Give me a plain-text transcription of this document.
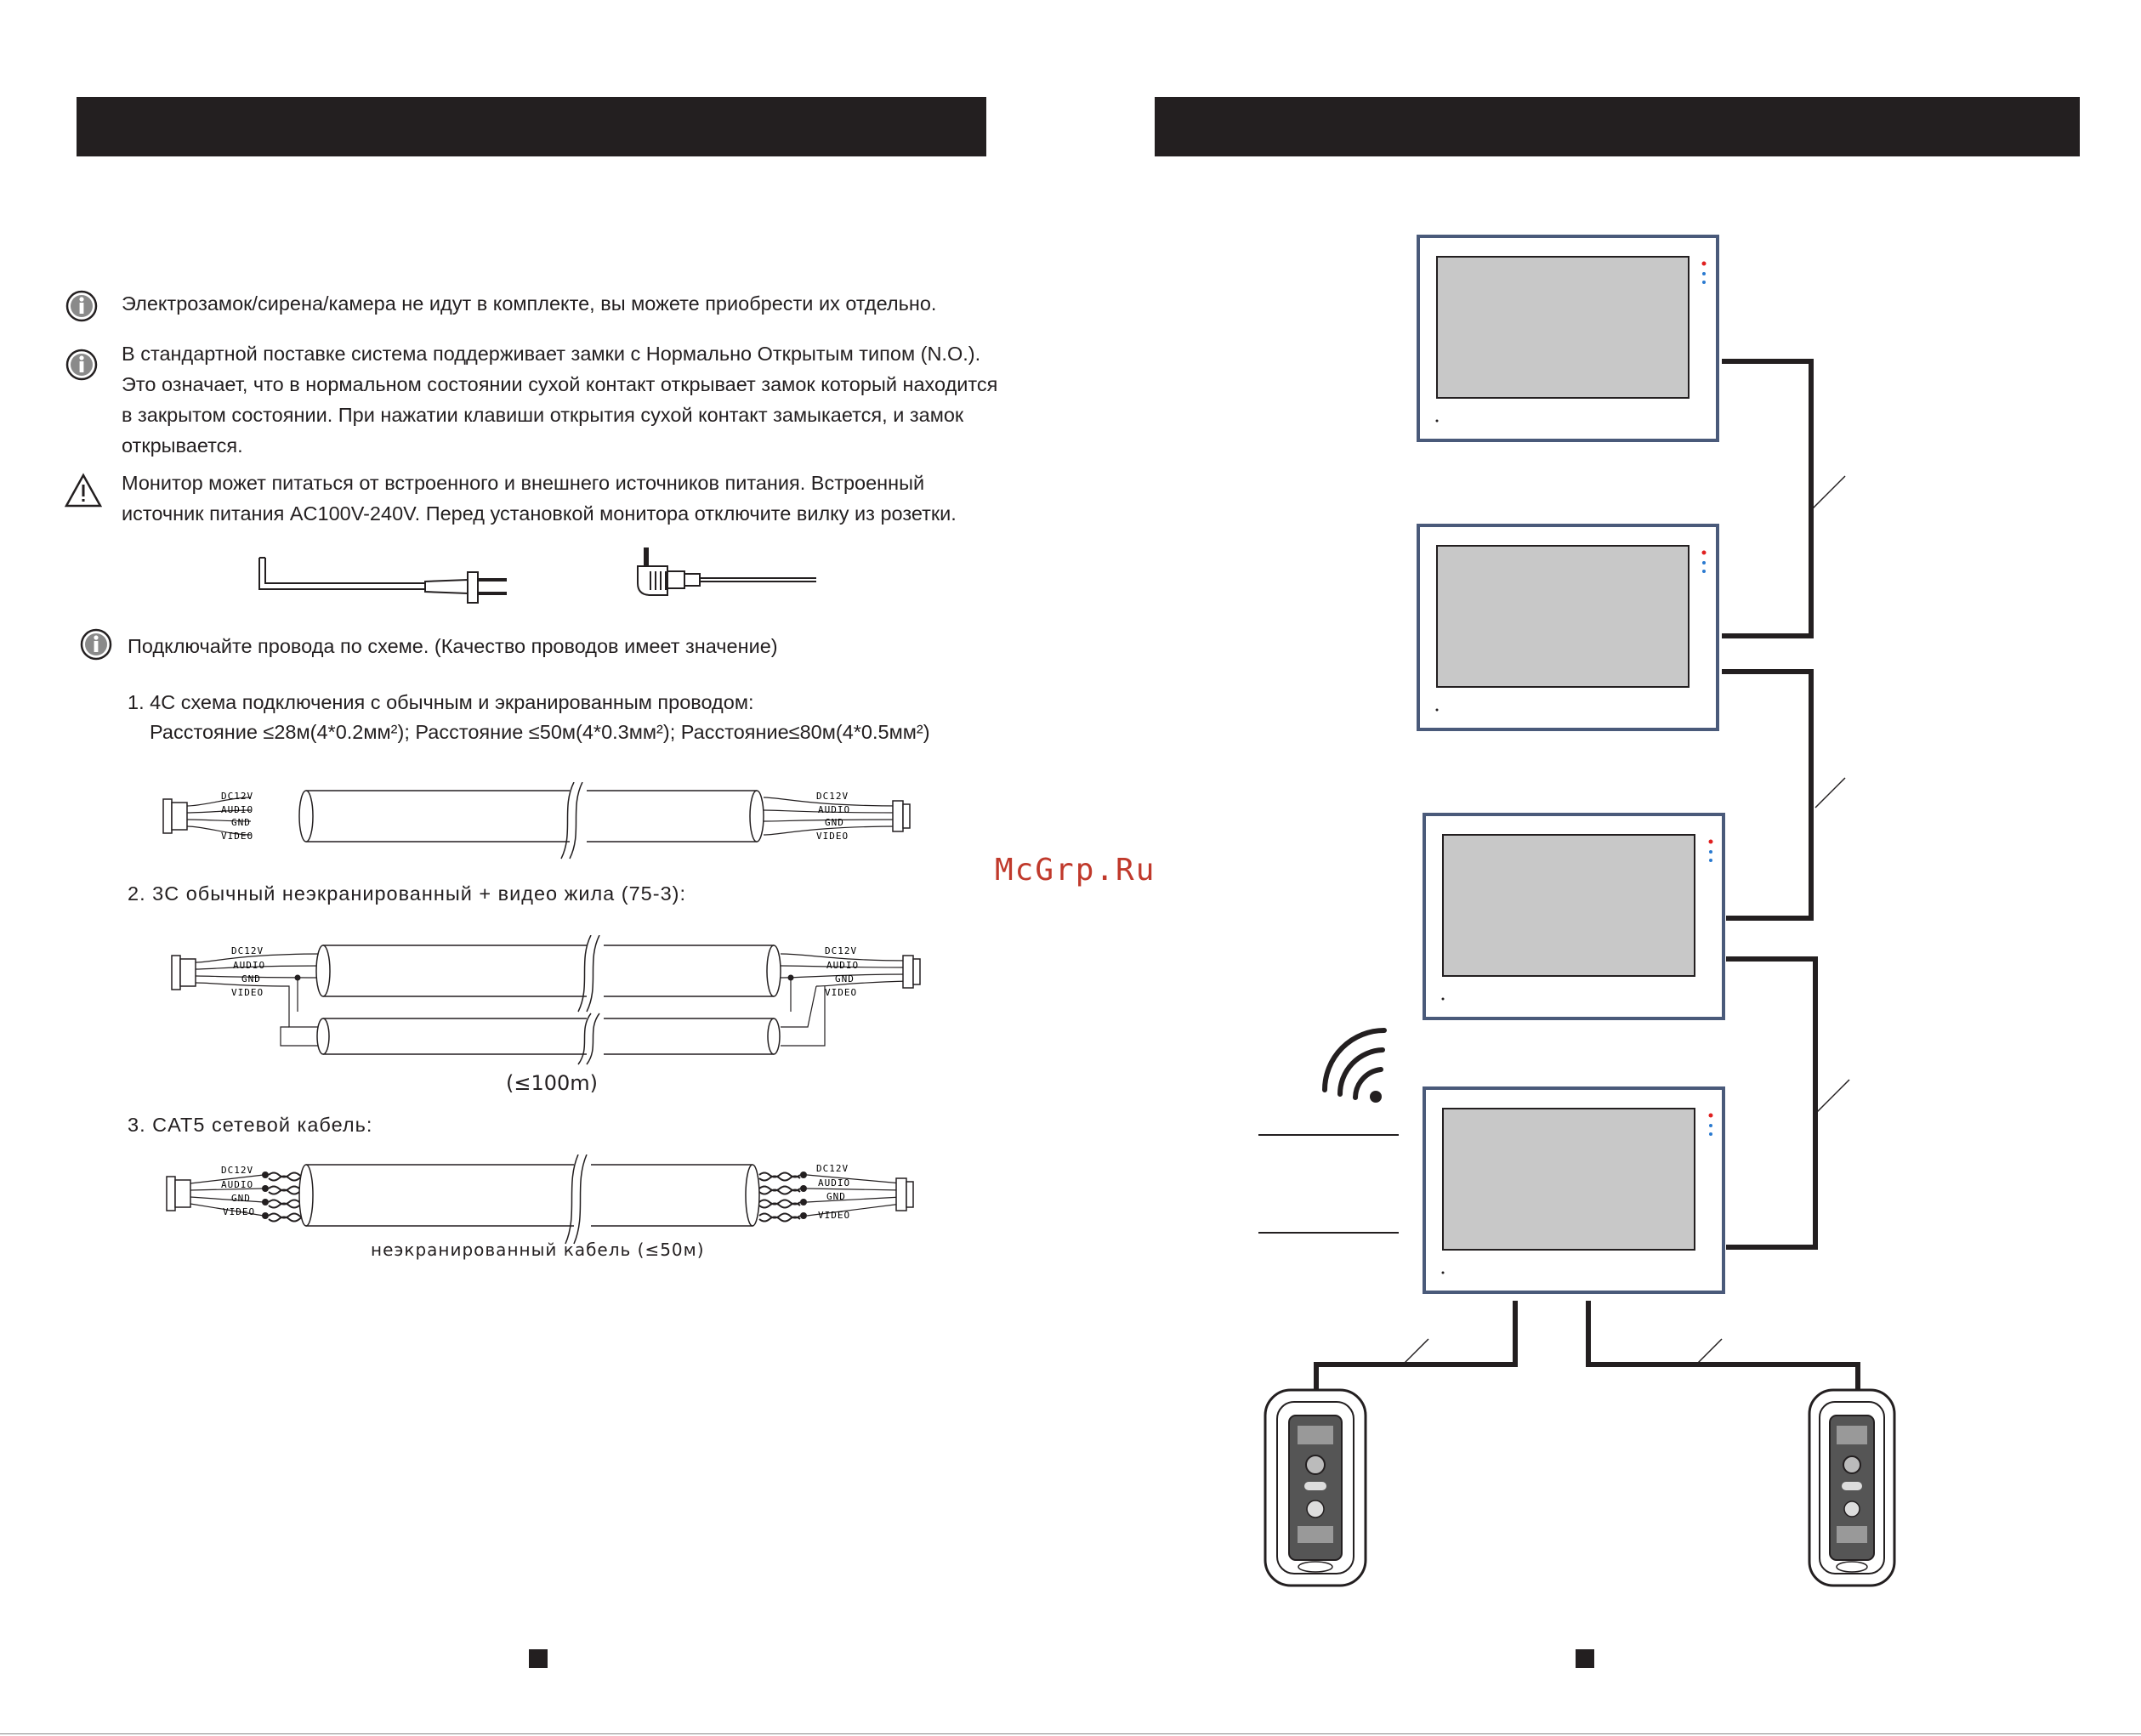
McGrp.Ru
Электрозамок/сирена/камера не идут в комплекте, вы можете приобрести их отдельно.
В стандартной поставке система поддерживает замки с Нормально Открытым типом (N.O.).
Это означает, что в нормальном состоянии сухой контакт открывает замок который находится
в закрытом состоянии. При нажатии клавиши открытия сухой контакт замыкается, и замок
открывается.
Монитор может питаться от встроенного и внешнего источников питания. Встроенный
источник питания AC100V-240V. Перед установкой монитора отключите вилку из розетки.
Подключайте провода по схеме. (Качество проводов имеет значение)
1. 4С схема подключения с обычным и экранированным проводом:
Расстояние ≤28м(4*0.2мм²); Расстояние ≤50м(4*0.3мм²); Расстояние≤80м(4*0.5мм²)
DC12V
AUDIO
GND
VIDEO
DC12V
AUDIO
GND
VIDEO
2. 3С обычный неэкранированный + видео жила (75-3):
DC12V
AUDIO
GND
VIDEO
DC12V
AUDIO
GND
VIDEO
(≤100m)
3. CAT5 сетевой кабель:
DC12V
AUDIO
GND
VIDEO
DC12V
AUDIO
GND
VIDEO
неэкранированный кабель (≤50м)
